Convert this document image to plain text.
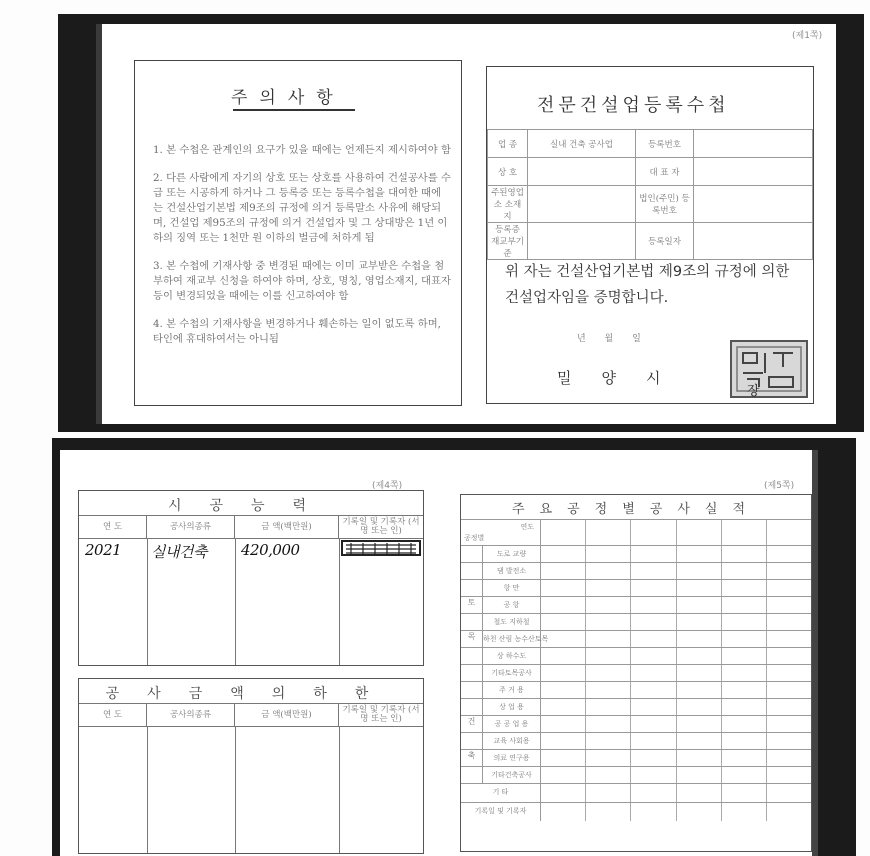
(제1쪽)
주의사항

1. 본 수첩은 관계인의 요구가 있을 때에는 언제든지 제시하여야 함

2. 다른 사람에게 자기의 상호 또는 상호를 사용하여 건설공사를 수급 또는 시공하게 하거나 그 등록증 또는 등록수첩을 대여한 때에는 건설산업기본법 제9조의 규정에 의거 등록말소 사유에 해당되며, 건설업 제95조의 규정에 의거 건설업자 및 그 상대방은 1년 이하의 징역 또는 1천만 원 이하의 벌금에 처하게 됨

3. 본 수첩에 기재사항 중 변경된 때에는 이미 교부받은 수첩을 첨부하여 재교부 신청을 하여야 하며, 상호, 명칭, 영업소재지, 대표자 등이 변경되었을 때에는 이를 신고하여야 함

4. 본 수첩의 기재사항을 변경하거나 훼손하는 일이 없도록 하며, 타인에 휴대하여서는 아니됨

전문건설업등록수첩
업 종	실내 건축 공사업	등록번호	
상 호		대 표 자	
주된영업소 소재지		법인(주민) 등록번호	
등록증 재교부기준		등록일자	
위 자는 건설산업기본법 제9조의 규정에 의한 건설업자임을 증명합니다.
년 월 일
밀양시
장
(제4쪽)	(제5쪽)
시공능력
연 도	공사의종류	금 액(백만원)	기록일 및 기록자 (서명 또는 인)
2021 실내건축 420,000
공사금액의하한
연 도	공사의종류	금 액(백만원)	기록일 및 기록자 (서명 또는 인)
주요공정별공사실적
연도
공정별
도로 교량
댐 발전소
항 만
토	공 항
철도 지하철
목	하천 산림 농수산토목
상 하수도
기타토목공사
주 거 용
상 업 용
건	공 공 업 용
교육 사회용
축	의료 연구용
기타건축공사
기 타
기록일 및 기록자
